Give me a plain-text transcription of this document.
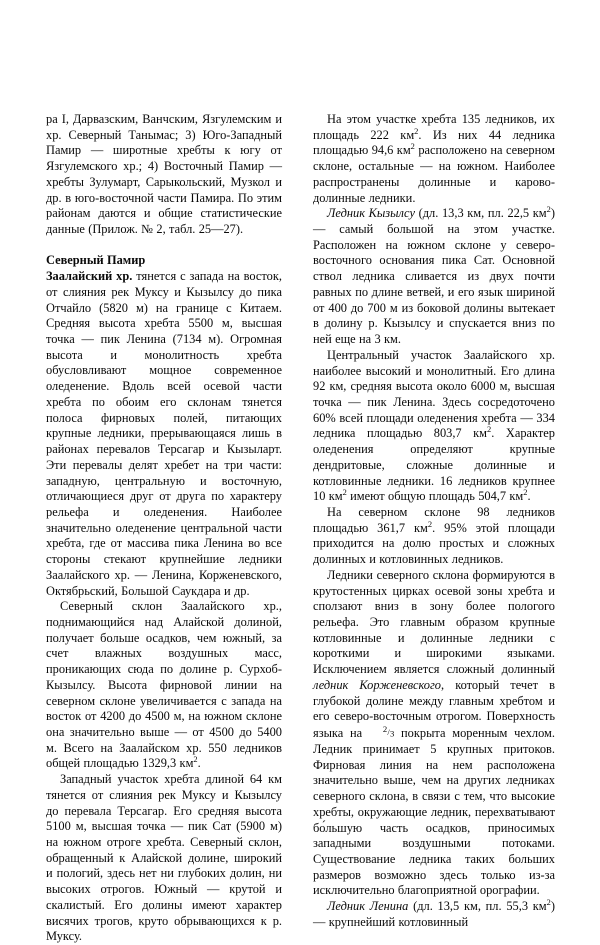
ра I, Дарвазским, Ванчским, Язгулемским и хр. Северный Танымас; 3) Юго-Западный Памир — широтные хребты к югу от Язгулемского хр.; 4) Восточный Памир — хребты Зулумарт, Сарыкольский, Музкол и др. в юго-восточной части Памира. По этим районам даются и общие статистические данные (Прилож. № 2, табл. 25—27).

Северный Памир

Заалайский хр. тянется с запада на восток, от слияния рек Муксу и Кызылсу до пика Отчайло (5820 м) на границе с Китаем. Средняя высота хребта 5500 м, высшая точка — пик Ленина (7134 м). Огромная высота и монолитность хребта обусловливают мощное современное оледенение. Вдоль всей осевой части хребта по обоим его склонам тянется полоса фирновых полей, питающих крупные ледники, прерывающаяся лишь в районах перевалов Терсагар и Кызыларт. Эти перевалы делят хребет на три части: западную, центральную и восточную, отличающиеся друг от друга по характеру рельефа и оледенения. Наиболее значительно оледенение центральной части хребта, где от массива пика Ленина во все стороны стекают крупнейшие ледники Заалайского хр. — Ленина, Корженевского, Октябрьский, Большой Саукдара и др.

Северный склон Заалайского хр., поднимающийся над Алайской долиной, получает больше осадков, чем южный, за счет влажных воздушных масс, проникающих сюда по долине р. Сурхоб-Кызылсу. Высота фирновой линии на северном склоне увеличивается с запада на восток от 4200 до 4500 м, на южном склоне она значительно выше — от 4500 до 5400 м. Всего на Заалайском хр. 550 ледников общей площадью 1329,3 $км^2$.

Западный участок хребта длиной 64 км тянется от слияния рек Муксу и Кызылсу до перевала Терсагар. Его средняя высота 5100 м, высшая точка — пик Сат (5900 м) на южном отроге хребта. Северный склон, обращенный к Алайской долине, широкий и пологий, здесь нет ни глубоких долин, ни высоких отрогов. Южный — крутой и скалистый. Его долины имеют характер висячих трогов, круто обрывающихся к р. Муксу.

На этом участке хребта 135 ледников, их площадь 222 $км^2$. Из них 44 ледника площадью 94,6 $км^2$ расположено на северном склоне, остальные — на южном. Наиболее распространены долинные и карово-долинные ледники.

Ледник Кызылсу (дл. 13,3 км, пл. 22,5 $км^2$) — самый большой на этом участке. Расположен на южном склоне у северо-восточного основания пика Сат. Основной ствол ледника сливается из двух почти равных по длине ветвей, и его язык шириной от 400 до 700 м из боковой долины вытекает в долину р. Кызылсу и спускается вниз по ней еще на 3 км.

Центральный участок Заалайского хр. наиболее высокий и монолитный. Его длина 92 км, средняя высота около 6000 м, высшая точка — пик Ленина. Здесь сосредоточено 60% всей площади оледенения хребта — 334 ледника площадью 803,7 $км^2$. Характер оледенения определяют крупные дендритовые, сложные долинные и котловинные ледники. 16 ледников крупнее 10 $км^2$ имеют общую площадь 504,7 $км^2$.

На северном склоне 98 ледников площадью 361,7 $км^2$. 95% этой площади приходится на долю простых и сложных долинных и котловинных ледников.

Ледники северного склона формируются в крутостенных цирках осевой зоны хребта и сползают вниз в зону более пологого рельефа. Это главным образом крупные котловинные и долинные ледники с короткими и широкими языками. Исключением является сложный долинный ледник Корженевского, который течет в глубокой долине между главным хребтом и его северо-восточным отрогом. Поверхность языка на 2/3 покрыта моренным чехлом. Ледник принимает 5 крупных притоков. Фирновая линия на нем расположена значительно выше, чем на других ледниках северного склона, в связи с тем, что высокие хребты, окружающие ледник, перехватывают бо́льшую часть осадков, приносимых западными воздушными потоками. Существование ледника таких больших размеров возможно здесь только из-за исключительно благоприятной орографии.

Ледник Ленина (дл. 13,5 км, пл. 55,3 $км^2$) — крупнейший котловинный
